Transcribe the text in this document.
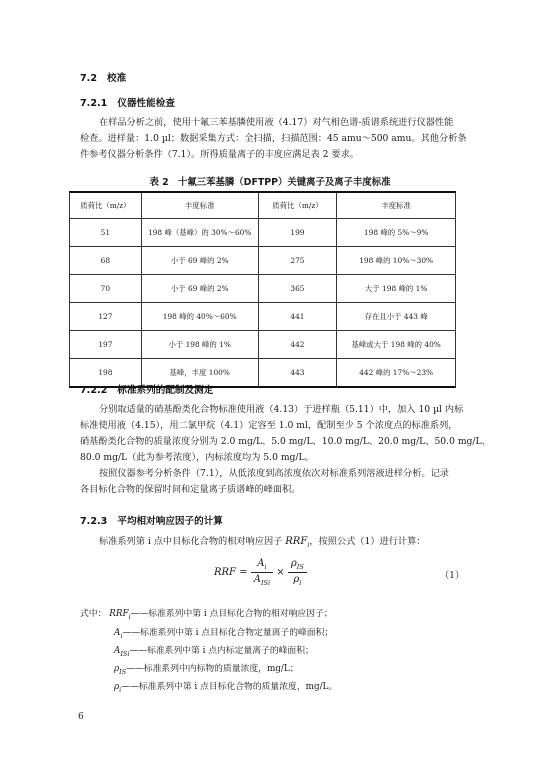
7.2 校准
7.2.1 仪器性能检查
在样品分析之前，使用十氟三苯基膦使用液（4.17）对气相色谱-质谱系统进行仪器性能
检查。进样量：1.0 µl；数据采集方式：全扫描，扫描范围：45 amu～500 amu。其他分析条
件参考仪器分析条件（7.1）。所得质量离子的丰度应满足表 2 要求。
表 2　十氟三苯基膦（DFTPP）关键离子及离子丰度标准
质荷比（m/z）	丰度标准	质荷比（m/z）	丰度标准
51	198 峰（基峰）的 30%～60%	199	198 峰的 5%～9%
68	小于 69 峰的 2%	275	198 峰的 10%～30%
70	小于 69 峰的 2%	365	大于 198 峰的 1%
127	198 峰的 40%～60%	441	存在且小于 443 峰
197	小于 198 峰的 1%	442	基峰或大于 198 峰的 40%
198	基峰，丰度 100%	443	442 峰的 17%～23%
7.2.2 标准系列的配制及测定
分别取适量的硝基酚类化合物标准使用液（4.13）于进样瓶（5.11）中，加入 10 µl 内标
标准使用液（4.15），用二氯甲烷（4.1）定容至 1.0 ml，配制至少 5 个浓度点的标准系列，
硝基酚类化合物的质量浓度分别为 2.0 mg/L、5.0 mg/L、10.0 mg/L、20.0 mg/L、50.0 mg/L、
80.0 mg/L（此为参考浓度），内标浓度均为 5.0 mg/L。
按照仪器参考分析条件（7.1），从低浓度到高浓度依次对标准系列溶液进样分析。记录
各目标化合物的保留时间和定量离子质谱峰的峰面积。
7.2.3 平均相对响应因子的计算
标准系列第 i 点中目标化合物的相对响应因子 $RRF_i$，按照公式（1）进行计算：
RRF = $\frac{A_i}{A_{ISi}} \times \frac{\rho_{IS}}{\rho_i}$	（1）
式中： $RRF_i——$标准系列中第 i 点目标化合物的相对响应因子；
$A_i——$标准系列中第 i 点目标化合物定量离子的峰面积；
$A_{ISi}——$标准系列中第 i 点内标定量离子的峰面积；
$\rho_{IS}——$标准系列中内标物的质量浓度，mg/L；
$\rho_i——$标准系列中第 i 点目标化合物的质量浓度，mg/L。
6
